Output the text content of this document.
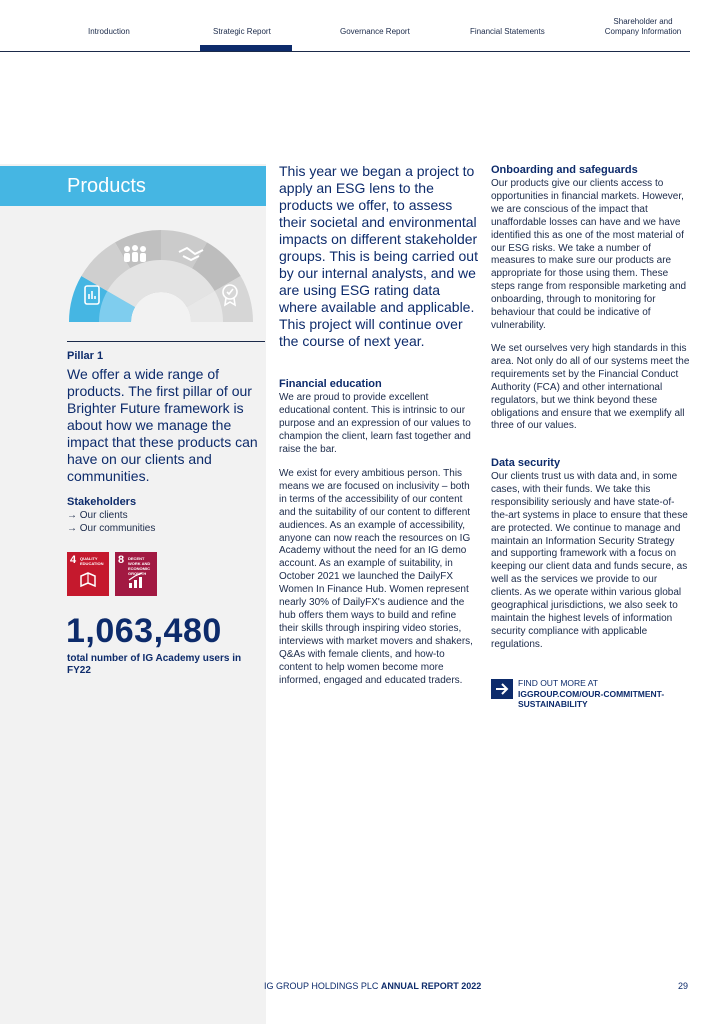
Introduction	Strategic Report	Governance Report	Financial Statements
Shareholder and
Company Information
Products
Pillar 1
We offer a wide range of products. The first pillar of our Brighter Future framework is about how we manage the impact that these products can have on our clients and communities.
Stakeholders
→ Our clients
→ Our communities
4 QUALITY EDUCATION	8 DECENT WORK AND ECONOMIC GROWTH
1,063,480
total number of IG Academy users in FY22
This year we began a project to apply an ESG lens to the products we offer, to assess their societal and environmental impacts on different stakeholder groups. This is being carried out by our internal analysts, and we are using ESG rating data where available and applicable. This project will continue over the course of next year.
Financial education
We are proud to provide excellent educational content. This is intrinsic to our purpose and an expression of our values to champion the client, learn fast together and raise the bar.
We exist for every ambitious person. This means we are focused on inclusivity – both in terms of the accessibility of our content and the suitability of our content to different audiences. As an example of accessibility, anyone can now reach the resources on IG Academy without the need for an IG demo account. As an example of suitability, in October 2021 we launched the DailyFX Women In Finance Hub. Women represent nearly 30% of DailyFX's audience and the hub offers them ways to build and refine their skills through inspiring video stories, interviews with market movers and shakers, Q&As with female clients, and how-to content to help women become more informed, engaged and educated traders.
Onboarding and safeguards
Our products give our clients access to opportunities in financial markets. However, we are conscious of the impact that unaffordable losses can have and we have identified this as one of the most material of our ESG risks. We take a number of measures to make sure our products are appropriate for those using them. These steps range from responsible marketing and onboarding, through to monitoring for behaviour that could be indicative of vulnerability.
We set ourselves very high standards in this area. Not only do all of our systems meet the requirements set by the Financial Conduct Authority (FCA) and other international regulators, but we think beyond these obligations and ensure that we exemplify all three of our values.
Data security
Our clients trust us with data and, in some cases, with their funds. We take this responsibility seriously and have state-of-the-art systems in place to ensure that these are protected. We continue to manage and maintain an Information Security Strategy and supporting framework with a focus on keeping our client data and funds secure, as well as the services we provide to our clients. As we operate within various global geographical jurisdictions, we also seek to maintain the highest levels of information security compliance with applicable regulations.
FIND OUT MORE AT
IGGROUP.COM/OUR-COMMITMENT-SUSTAINABILITY
IG GROUP HOLDINGS PLC ANNUAL REPORT 2022	29
